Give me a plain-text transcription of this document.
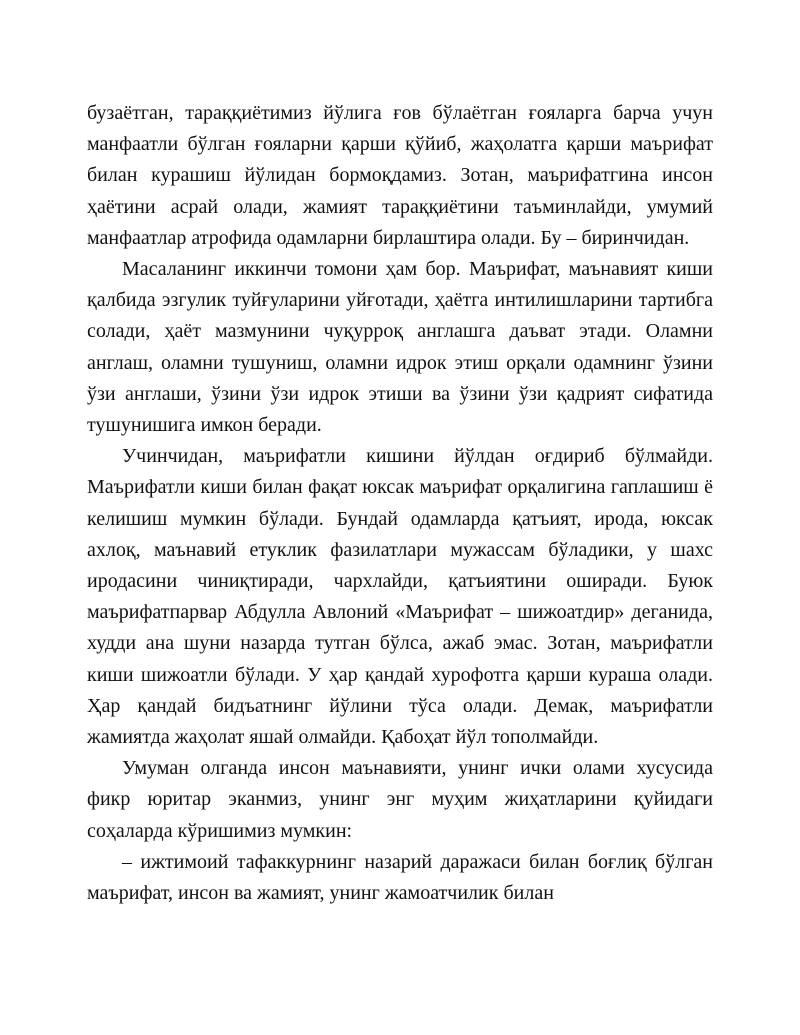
бузаётган, тараққиётимиз йўлига ғов бўлаётган ғояларга барча учун манфаатли бўлган ғояларни қарши қўйиб, жаҳолатга қарши маърифат билан курашиш йўлидан бормоқдамиз. Зотан, маърифатгина инсон ҳаётини асрай олади, жамият тараққиётини таъминлайди, умумий манфаатлар атрофида одамларни бирлаштира олади. Бу – биринчидан.

Масаланинг иккинчи томони ҳам бор. Маърифат, маънавият киши қалбида эзгулик туйғуларини уйғотади, ҳаётга интилишларини тартибга солади, ҳаёт мазмунини чуқурроқ англашга даъват этади. Оламни англаш, оламни тушуниш, оламни идрок этиш орқали одамнинг ўзини ўзи англаши, ўзини ўзи идрок этиши ва ўзини ўзи қадрият сифатида тушунишига имкон беради.

Учинчидан, маърифатли кишини йўлдан оғдириб бўлмайди. Маърифатли киши билан фақат юксак маърифат орқалигина гаплашиш ё келишиш мумкин бўлади. Бундай одамларда қатъият, ирода, юксак ахлоқ, маънавий етуклик фазилатлари мужассам бўладики, у шахс иродасини чиниқтиради, чархлайди, қатъиятини оширади. Буюк маърифатпарвар Абдулла Авлоний «Маърифат – шижоатдир» деганида, худди ана шуни назарда тутган бўлса, ажаб эмас. Зотан, маърифатли киши шижоатли бўлади. У ҳар қандай хурофотга қарши кураша олади. Ҳар қандай бидъатнинг йўлини тўса олади. Демак, маърифатли жамиятда жаҳолат яшай олмайди. Қабоҳат йўл тополмайди.

Умуман олганда инсон маънавияти, унинг ички олами хусусида фикр юритар эканмиз, унинг энг муҳим жиҳатларини қуйидаги соҳаларда кўришимиз мумкин:

– ижтимоий тафаккурнинг назарий даражаси билан боғлиқ бўлган маърифат, инсон ва жамият, унинг жамоатчилик билан
